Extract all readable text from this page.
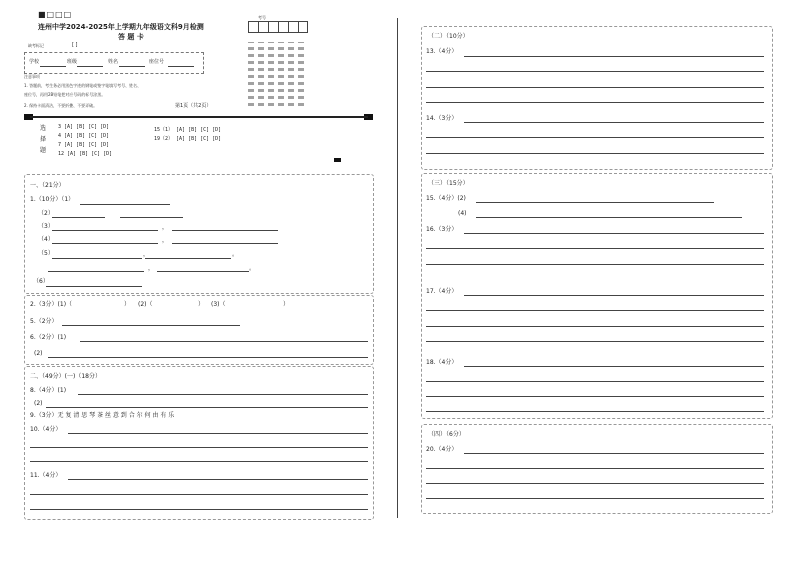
■□□□
连州中学2024-2025年上学期九年级语文科9月检测
答 题 卡
考号
缺考标记	[ ]
学校	班级	姓名	座位号
注意事项
1. 答题前，考生务必用黑色字迹的钢笔或签字笔填写考号、姓名、
座位号，再用2B铅笔把对应号码的标号涂黑。
2. 保持卡面清洁，不要折叠、不要弄破。	第1页（共2页）
选
择
题
3 [A] [B] [C] [D]
4 [A] [B] [C] [D]
7 [A] [B] [C] [D]
12 [A] [B] [C] [D]
15（1） [A] [B] [C] [D]
19（2） [A] [B] [C] [D]
一、（21分）
1.（10分）（1）
（2）
（3）	，
（4）	，
（5）	，	。
，	。
（6）
2.（3分）(1)（	） (2)（	） (3)（	）
5.（2分）
6.（2分）(1)
(2)
二、（49分）(一)（18分）
8.（4分）(1)
(2)
9.（3分）无 复 清 思 琴 茶 丝 意 到 合 尔 何 由 有 乐
10.（4分）
11.（4分）
（二）（10分）
13.（4分）
14.（3分）
（三）（15分）
15.（4分）(2)
(4)
16.（3分）
17.（4分）
18.（4分）
（四）（6分）
20.（4分）
